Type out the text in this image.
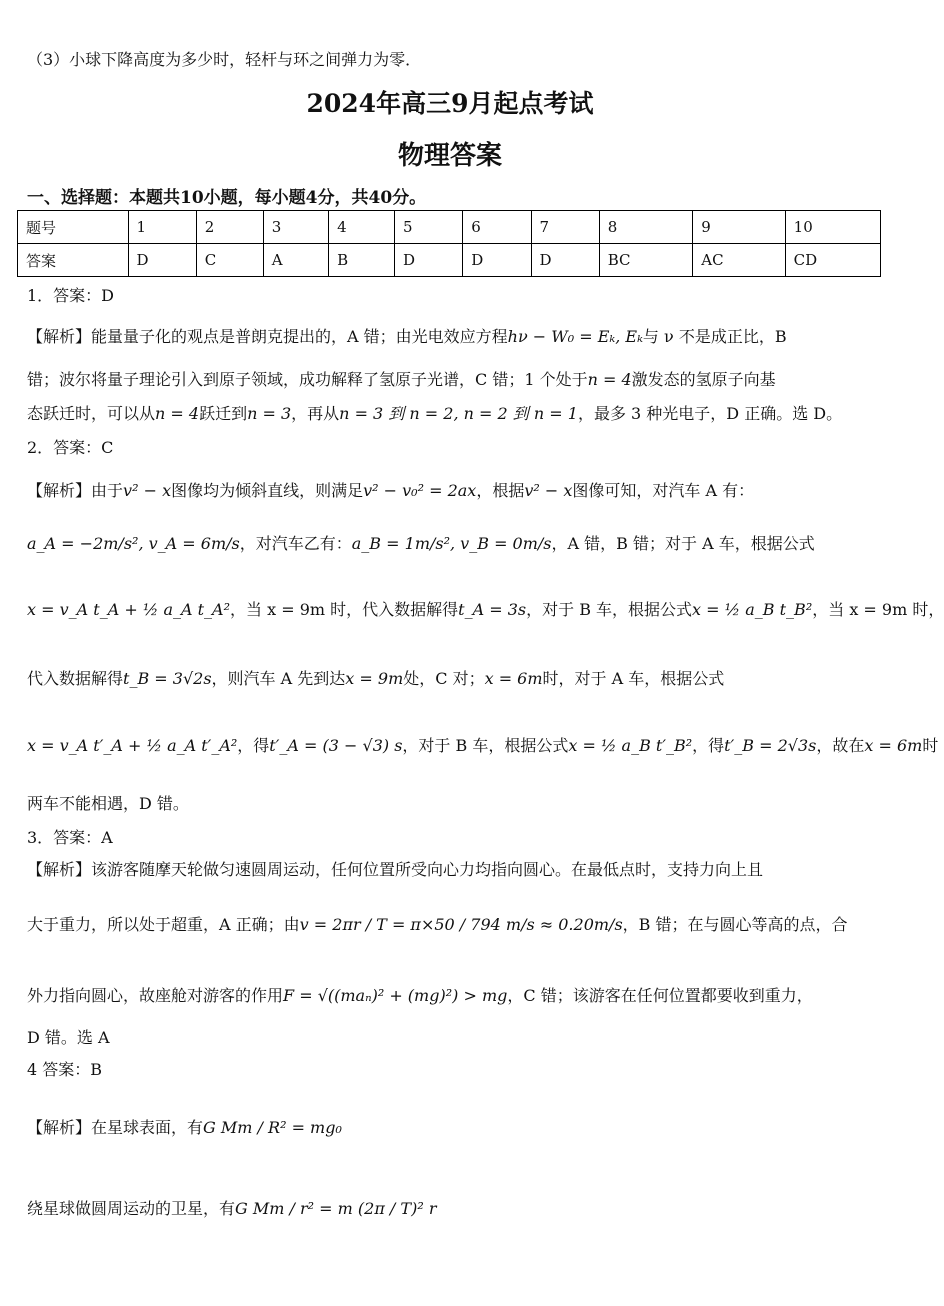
（3）小球下降高度为多少时，轻杆与环之间弹力为零．
2024年高三9月起点考试
物理答案
一、选择题：本题共10小题，每小题4分，共40分。
题号	1	2	3	4	5	6	7	8	9	10
答案	D	C	A	B	D	D	D	BC	AC	CD
1．答案：D
【解析】能量量子化的观点是普朗克提出的，A 错；由光电效应方程hν − W₀ = Eₖ, Eₖ与 ν 不是成正比，B
错；波尔将量子理论引入到原子领域，成功解释了氢原子光谱，C 错；1 个处于n = 4激发态的氢原子向基
态跃迁时，可以从n = 4跃迁到n = 3，再从n = 3 到 n = 2, n = 2 到 n = 1，最多 3 种光电子，D 正确。选 D。
2．答案：C
【解析】由于v² − x图像均为倾斜直线，则满足v² − v₀² = 2ax，根据v² − x图像可知，对汽车 A 有：
a_A = −2m/s², v_A = 6m/s，对汽车乙有：a_B = 1m/s², v_B = 0m/s，A 错，B 错；对于 A 车，根据公式
x = v_A t_A + ½ a_A t_A²，当 x = 9m 时，代入数据解得t_A = 3s，对于 B 车，根据公式x = ½ a_B t_B²，当 x = 9m 时，
代入数据解得t_B = 3√2s，则汽车 A 先到达x = 9m处，C 对；x = 6m时，对于 A 车，根据公式
x = v_A t′_A + ½ a_A t′_A²，得t′_A = (3 − √3) s，对于 B 车，根据公式x = ½ a_B t′_B²，得t′_B = 2√3s，故在x = 6m时
两车不能相遇，D 错。
3．答案：A
【解析】该游客随摩天轮做匀速圆周运动，任何位置所受向心力均指向圆心。在最低点时，支持力向上且
大于重力，所以处于超重，A 正确；由v = 2πr / T = π×50 / 794 m/s ≈ 0.20m/s，B 错；在与圆心等高的点，合
外力指向圆心，故座舱对游客的作用F = √((maₙ)² + (mg)²) > mg，C 错；该游客在任何位置都要收到重力，
D 错。选 A
4 答案：B
【解析】在星球表面，有G Mm / R² = mg₀
绕星球做圆周运动的卫星，有G Mm / r² = m (2π / T)² r
